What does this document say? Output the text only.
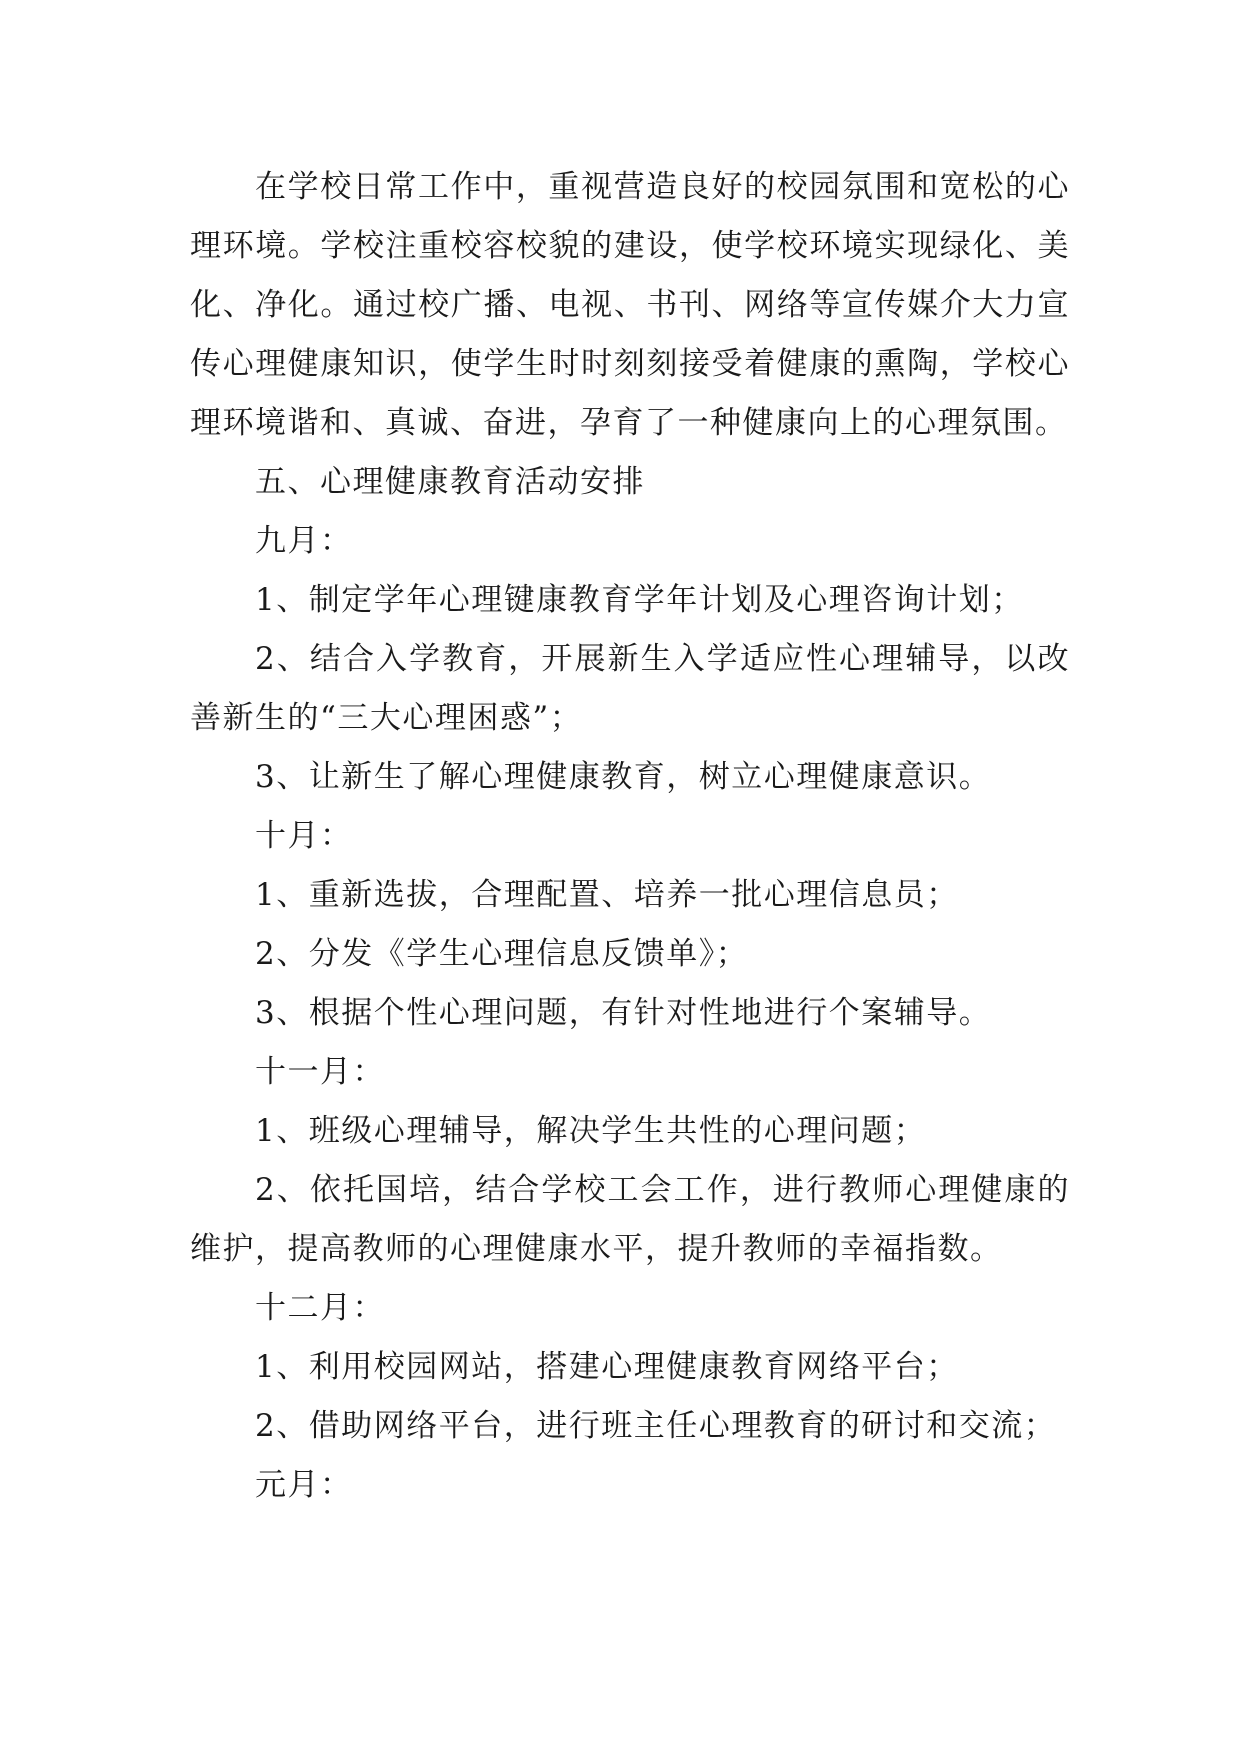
在学校日常工作中，重视营造良好的校园氛围和宽松的心理环境。学校注重校容校貌的建设，使学校环境实现绿化、美化、净化。通过校广播、电视、书刊、网络等宣传媒介大力宣传心理健康知识，使学生时时刻刻接受着健康的熏陶，学校心理环境谐和、真诚、奋进，孕育了一种健康向上的心理氛围。

五、心理健康教育活动安排

九月：

1、制定学年心理键康教育学年计划及心理咨询计划；

2、结合入学教育，开展新生入学适应性心理辅导，以改善新生的“三大心理困惑”；

3、让新生了解心理健康教育，树立心理健康意识。

十月：

1、重新选拔，合理配置、培养一批心理信息员；

2、分发《学生心理信息反馈单》；

3、根据个性心理问题，有针对性地进行个案辅导。

十一月：

1、班级心理辅导，解决学生共性的心理问题；

2、依托国培，结合学校工会工作，进行教师心理健康的维护，提高教师的心理健康水平，提升教师的幸福指数。

十二月：

1、利用校园网站，搭建心理健康教育网络平台；

2、借助网络平台，进行班主任心理教育的研讨和交流；

元月：
